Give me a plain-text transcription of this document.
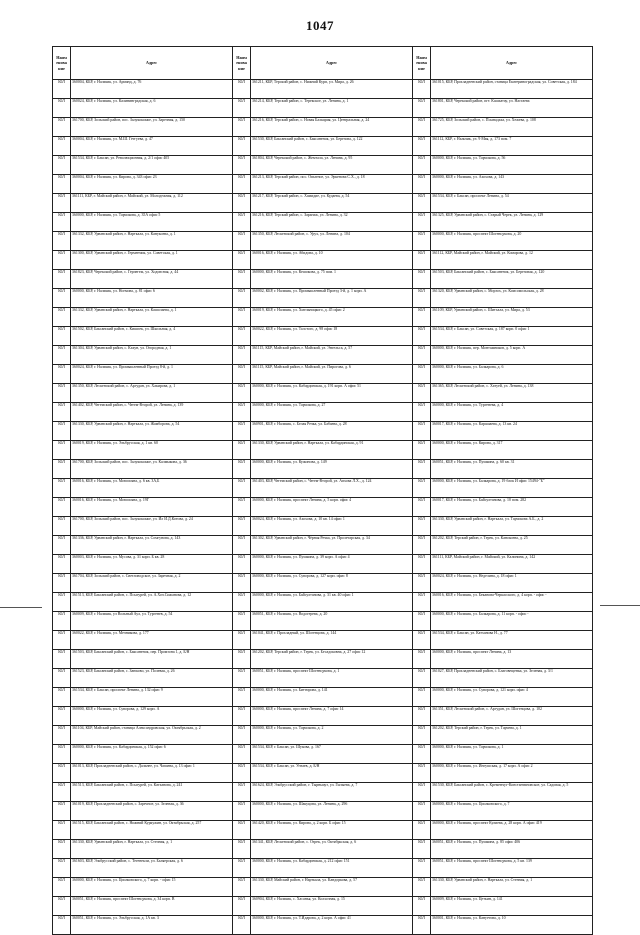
1047
Наим енова ние	Адрес	Наим енова ние	Адрес	Наим енова ние	Адрес
ЮЛ	360004, КБР, г. Нальчик, ул. Арманд, д. 76	ЮЛ	361211, КБР, Терский район, с. Нижний Курп, ул. Мира, д. 26	ЮЛ	361015, КБР, Прохладненский район, станица Екатериноградская, ул. Советская, д. 184
ЮЛ	360024, КБР, г. Нальчик, ул. Калининградская, д. 6	ЮЛ	361214, КБР, Терский район, с. Терекское, ул. Ленина, д. 1	ЮЛ	361801, КБР, Черекский район, пгт. Кашхатау, ул. Настаева
ЮЛ	361700, КБР, Зольский район, пос. Залукокоаже, ул. Заречная, д. 150	ЮЛ	361216, КБР, Терский район, с. Новая Балкария, ул. Центральная, д. 24	ЮЛ	361725, КБР, Зольский район, с. Псынадаха, ул. Хежева, д. 108
ЮЛ	360004, КБР, г. Нальчик, ул. М.Ш. Гетгуева, д. 47	ЮЛ	361530, КБР, Баксанский район, с. Баксаненок, ул. Березова, д. 122	ЮЛ	361112, КБР, г. Нальчик, ул. 9 Мая, д. 173 пом. 7
ЮЛ	361534, КБР, г. Баксан, ул. Революционная, д. 2/1 офис 405	ЮЛ	361804, КБР, Черекский район, с. Жемтала, ул. Ленина, д. 95	ЮЛ	360000, КБР, г. Нальчик, ул. Тарчокова, д. 56
ЮЛ	360004, КБР, г. Нальчик, ул. Кирова, д. 343 офис 23	ЮЛ	361213, КБР, Терский район, пос. Опытное, ул. Эркенова С.Х., д. 18	ЮЛ	360000, КБР, г. Нальчик, ул. Ахохова, д. 143
ЮЛ	361111, КБР, г. Майский район, г. Майский, ул. Молодежная, д. 112	ЮЛ	361217, КБР, Терский район, с. Хамидие, ул. Кудаева, д. 54	ЮЛ	361534, КБР, г. Баксан, проспект Ленина, д. 54
ЮЛ	360000, КБР, г. Нальчик, ул. Тарчокова, д. 35А офис 5	ЮЛ	361216, КБР, Терский район, с. Зарагиж, ул. Ленина, д. 32	ЮЛ	361325, КБР, Урванский район, с. Старый Черек, ул. Ленина, д. 129
ЮЛ	361332, КБР, Урванский район, г. Нарткала, ул. Канукоева, д. 1	ЮЛ	361350, КБР, Лескенский район, с. Урух, ул. Ленина, д. 104	ЮЛ	360000, КБР, г. Нальчик, проспект Шогенцукова, д. 20
ЮЛ	361300, КБР, Урванский район, г. Герменчик, ул. Советская, д. 1	ЮЛ	360016, КБР, г. Нальчик, ул. Абидова, д. 10	ЮЛ	361112, КБР, Майский район, г. Майский, ул. Комарова, д. 12
ЮЛ	361823, КБР, Черекский район, с. Герпегеж, ул. Ходовсная, д. 44	ЮЛ	360000, КБР, г. Нальчик, ул. Кешокова, д. 75 пом. 1	ЮЛ	361503, КБР, Баксанский район, с. Баксаненок, ул. Березовая, д. 120
ЮЛ	360000, КБР, г. Нальчик, ул. Ногмова, д. 81 офис 6	ЮЛ	360002, КБР, г. Нальчик, ул. Промышленный Проезд 3-й, д. 1 корп. А	ЮЛ	361320, КБР, Урванский район, с. Морзох, ул. Комсомольская, д. 28
ЮЛ	361332, КБР, Урванский район, г. Нарткала, ул. Кашолаева, д. 1	ЮЛ	360019, КБР, г. Нальчик, ул. Хмельницкого, д. 45 офис 2	ЮЛ	361109, КБР, Урванский район, с. Шитхала, ул. Мира, д. 53
ЮЛ	361502, КБР, Баксанский район, с. Кишпек, ул. Школьная, д. 4	ЮЛ	360022, КБР, г. Нальчик, ул. Толстого, д. 98 офис 18	ЮЛ	361534, КБР, г. Баксан, ул. Советская, д. 187 корп. 0 офис 1
ЮЛ	361304, КБР, Урванский район, с. Кахун, ул. Огородная, д. 1	ЮЛ	361115, КБР, Майский район, г. Майский, ул. Энгельса, д. 57	ЮЛ	360000, КБР, г. Нальчик, пер. Монтажников, д. 5 корп. А
ЮЛ	360024, КБР, г. Нальчик, ул. Промышленный Проезд 8-й, д. 1	ЮЛ	361115, КБР, Майский район, г. Майский, ул. Пирогова, д. 6	ЮЛ	360000, КБР, г. Нальчик, ул. Балкарова, д. 6
ЮЛ	361350, КБР, Лескенский район, с. Аргудан, ул. Хакирова, д. 1	ЮЛ	360000, КБР, г. Нальчик, ул. Кабардинская, д. 191 корп. А офис 51	ЮЛ	361365, КБР, Лескенский район, с. Хатуей, ул. Ленина, д. 138
ЮЛ	361402, КБР, Чегемский район, с. Чегем-Второй, ул. Ленина, д. 139	ЮЛ	360000, КБР, г. Нальчик, ул. Тарчокова, д. 27	ЮЛ	360000, КБР, г. Нальчик, ул. Тургенева, д. 4
ЮЛ	361330, КБР, Урванский район, г. Нарткала, ул. Жамборова, д. 54	ЮЛ	360901, КБР, г. Нальчик, с. Белая Речка, ул. Бабаева, д. 28	ЮЛ	360017, КБР, г. Нальчик, ул. Карашаева, д. 13 кв. 24
ЮЛ	360019, КБР, г. Нальчик, ул. Эльбрусская, д. 1 кв. 60	ЮЛ	361330, КБР, Урванский район, г. Нарткала, ул. Кабардинская, д. 91	ЮЛ	360000, КБР, г. Нальчик, ул. Кирова, д. 317
ЮЛ	361700, КБР, Зольский район, пос. Залукокоаже, ул. Калмыкова, д. 36	ЮЛ	360000, КБР, г. Нальчик, ул. Кужонова, д. 149	ЮЛ	360051, КБР, г. Нальчик, ул. Пушкина, д. 60 кв. 31
ЮЛ	360016, КБР, г. Нальчик, ул. Мовсисяна, д. 6 кв. 3А,Б	ЮЛ	361403, КБР, Чегемский район, с. Чегем-Второй, ул. Апхова Л.Х., д. 124	ЮЛ	360000, КБР, г. Нальчик, ул. Балкарова, д. 19 блок И офис 15494-"Б"
ЮЛ	360016, КБР, г. Нальчик, ул. Мовсисяна, д. 19Г	ЮЛ	360000, КБР, г. Нальчик, проспект Ленина, д. 5 корп. офис 4	ЮЛ	360017, КБР, г. Нальчик, ул. Байсултанова, д. 10 пом. 282
ЮЛ	361700, КБР, Зольский район, пос. Залукокоаже, ул. Ил И.Д.Котова, д. 24	ЮЛ	360024, КБР, г. Нальчик, ул. Ахохова, д. 10 кв. 14 офис 1	ЮЛ	361330, КБР, Урванский район, г. Нарткала, ул. Тарчокова А.Б., д. 2
ЮЛ	361336, КБР, Урванский район, г. Нарткала, ул. Сомгунова, д. 143	ЮЛ	361302, КБР, Урванский район, г. Чёрная Речка, ул. Пролетарская, д. 34	ЮЛ	361202, КБР, Терский район, г. Терек, ул. Канокоева, д. 25
ЮЛ	360003, КБР, г. Нальчик, ул. Мусова, д. 31 корп. Б кв. 28	ЮЛ	360000, КБР, г. Нальчик, ул. Пушкина, д. 39 корп. А офис 4	ЮЛ	361111, КБР, Майский район, г. Майский, ул. Калинина, д. 142
ЮЛ	361704, КБР, Зольский район, с. Светловодское, ул. Заречная, д. 2	ЮЛ	360000, КБР, г. Нальчик, ул. Суворова, д. 127 корп. офис 8	ЮЛ	360024, КБР, г. Нальчик, ул. Неделина, д. 18 офис 1
ЮЛ	361513, КБР, Баксанский район, с. Псыгурей, ул. А.Хоч.Сижанова, д. 12	ЮЛ	360000, КБР, г. Нальчик, ул. Байсултанова, д. 31 кв. 40 офис 1	ЮЛ	360016, КБР, г. Нальчик, ул. Беканова-Черкасского, д. 4 корп. - офис -
ЮЛ	360009, КБР, г. Нальчик, ул Вольный Аул, ул. Тургенев, д. 54	ЮЛ	360051, КБР, г. Нальчик, ул. Водогерева, д. 20	ЮЛ	360000, КБР, г. Нальчик, ул. Балкарова, д. 11 корп. - офис -
ЮЛ	360022, КБР, г. Нальчик, ул. Мечникова, д. 177	ЮЛ	361041, КБР, г. Прохладный, ул. Шогенцова, д. 144	ЮЛ	361534, КБР, г. Баксан, ул. Катханова Н., д. 77
ЮЛ	361503, КБР, Баксанский район, с. Баксаненок, пер. Промзона 1, д. Б/Н	ЮЛ	361202, КБР, Терский район, г. Терек, ул. Бесадоковна, д. 27 офис 12	ЮЛ	360000, КБР, г. Нальчик, проспект Ленина, д. 13
ЮЛ	361523, КБР, Баксанский район, с. Заюково, ул. Полевая, д. 26	ЮЛ	360051, КБР, г. Нальчик, проспект Шогенцукова, д. 1	ЮЛ	361027, КБР, Прохладненский район, с. Благовещенка, ул. Зеленая, д. 3/1
ЮЛ	361534, КБР, г. Баксан, проспект Ленина, д. 132 офис 9	ЮЛ	360000, КБР, г. Нальчик, ул. Биттирова, д. 141	ЮЛ	360000, КБР, г. Нальчик, ул. Суворова, д. 121 корп. офис 4
ЮЛ	360000, КБР, г. Нальчик, ул. Суворова, д. 129 корп. А	ЮЛ	360000, КБР, г. Нальчик, проспект Ленина, д. 7 офис 14	ЮЛ	361351, КБР, Лескенский район, с. Аргудан, ул. Шогенцова, д. 102
ЮЛ	361104, КБР, Майский район, станица Александровская, ул. Октябрьская, д. 2	ЮЛ	360000, КБР, г. Нальчик, ул. Тарчокова, д. 2	ЮЛ	361202, КБР, Терский район, г. Терек, ул. Тарчева, д. 1
ЮЛ	360000, КБР, г. Нальчик, ул. Кабардинская, д. 152 офис 6	ЮЛ	361534, КБР, г. Баксан, ул. Шукова, д. 167	ЮЛ	360000, КБР, г. Нальчик, ул. Тарчокова, д. 1
ЮЛ	361013, КБР, Прохладненский район, с. Дальнее, ул. Чапаева, д. 13 офис 1	ЮЛ	361534, КБР, г. Баксан, ул. Угнаев, д. Б/Н	ЮЛ	360000, КБР, г. Нальчик, ул. Ингушская, д. 17 корп. А офис 2
ЮЛ	361513, КБР, Баксанский район, с. Псыгурей, ул. Катханова, д. 241	ЮЛ	361624, КБР, Эльбрусский район, г. Тырныауз, ул. Гызыева, д. 7	ЮЛ	361530, КБР, Баксанский район, с. Кременчуг-Константиновское, ул. Садовая, д. 5
ЮЛ	361019, КБР, Прохладненский район, с. Заречное, ул. Зеленая, д. 36	ЮЛ	360000, КБР, г. Нальчик, ул. Шакуцова, ул. Ленина, д. 296	ЮЛ	360000, КБР, г. Нальчик, ул. Циолковского, д. 7
ЮЛ	361515, КБР, Баксанский район, с. Нижний Куркужин, ул. Октябрьская, д. 257	ЮЛ	361420, КБР, г. Нальчик, ул. Кирова, д. 2 корп. Б офис 15	ЮЛ	360000, КБР, г. Нальчик, проспект Кулиева, д. 28 корп. А офис 419
ЮЛ	361330, КБР, Урванский район, г. Нарткала, ул. Степная, д. 1	ЮЛ	361341, КБР, Лескенский район, с. Озрек, ул. Октябрьская, д. 6	ЮЛ	360051, КБР, г. Нальчик, ул. Пушкина, д. 85 офис 406
ЮЛ	361603, КБР, Эльбрусский район, с. Тегенекли, ул. Баляерская, д. 6	ЮЛ	360000, КБР, г. Нальчик, ул. Кабардинская, д. 212 офис 151	ЮЛ	360051, КБР, г. Нальчик, проспект Шогенцукова, д. 5 кв. 139
ЮЛ	360000, КБР, г. Нальчик, ул. Циолковского, д. 7 корп. - офис 15	ЮЛ	361330, КБР, Майский район, г. Нарткала, ул. Кандоркова, д. 57	ЮЛ	361330, КБР, Урванский район, г. Нарткала, ул. Стенная, д. 1
ЮЛ	360051, КБР, г. Нальчик, проспект Шогенцукова, д. 34 корп. В	ЮЛ	360904, КБР, г. Нальчик, с. Хасанья, ул. Колхозная, д. 15	ЮЛ	360009, КБР, г. Нальчик, ул. Цеткин, д. 141
ЮЛ	360051, КБР, г. Нальчик, ул. Эльбрусская, д. 1А кв. 3	ЮЛ	360000, КБР, г. Нальчик, ул. Т.Идарова, д. 2 корп. А офис 41	ЮЛ	360001, КБР, г. Нальчик, ул. Кануетова, д. 10
